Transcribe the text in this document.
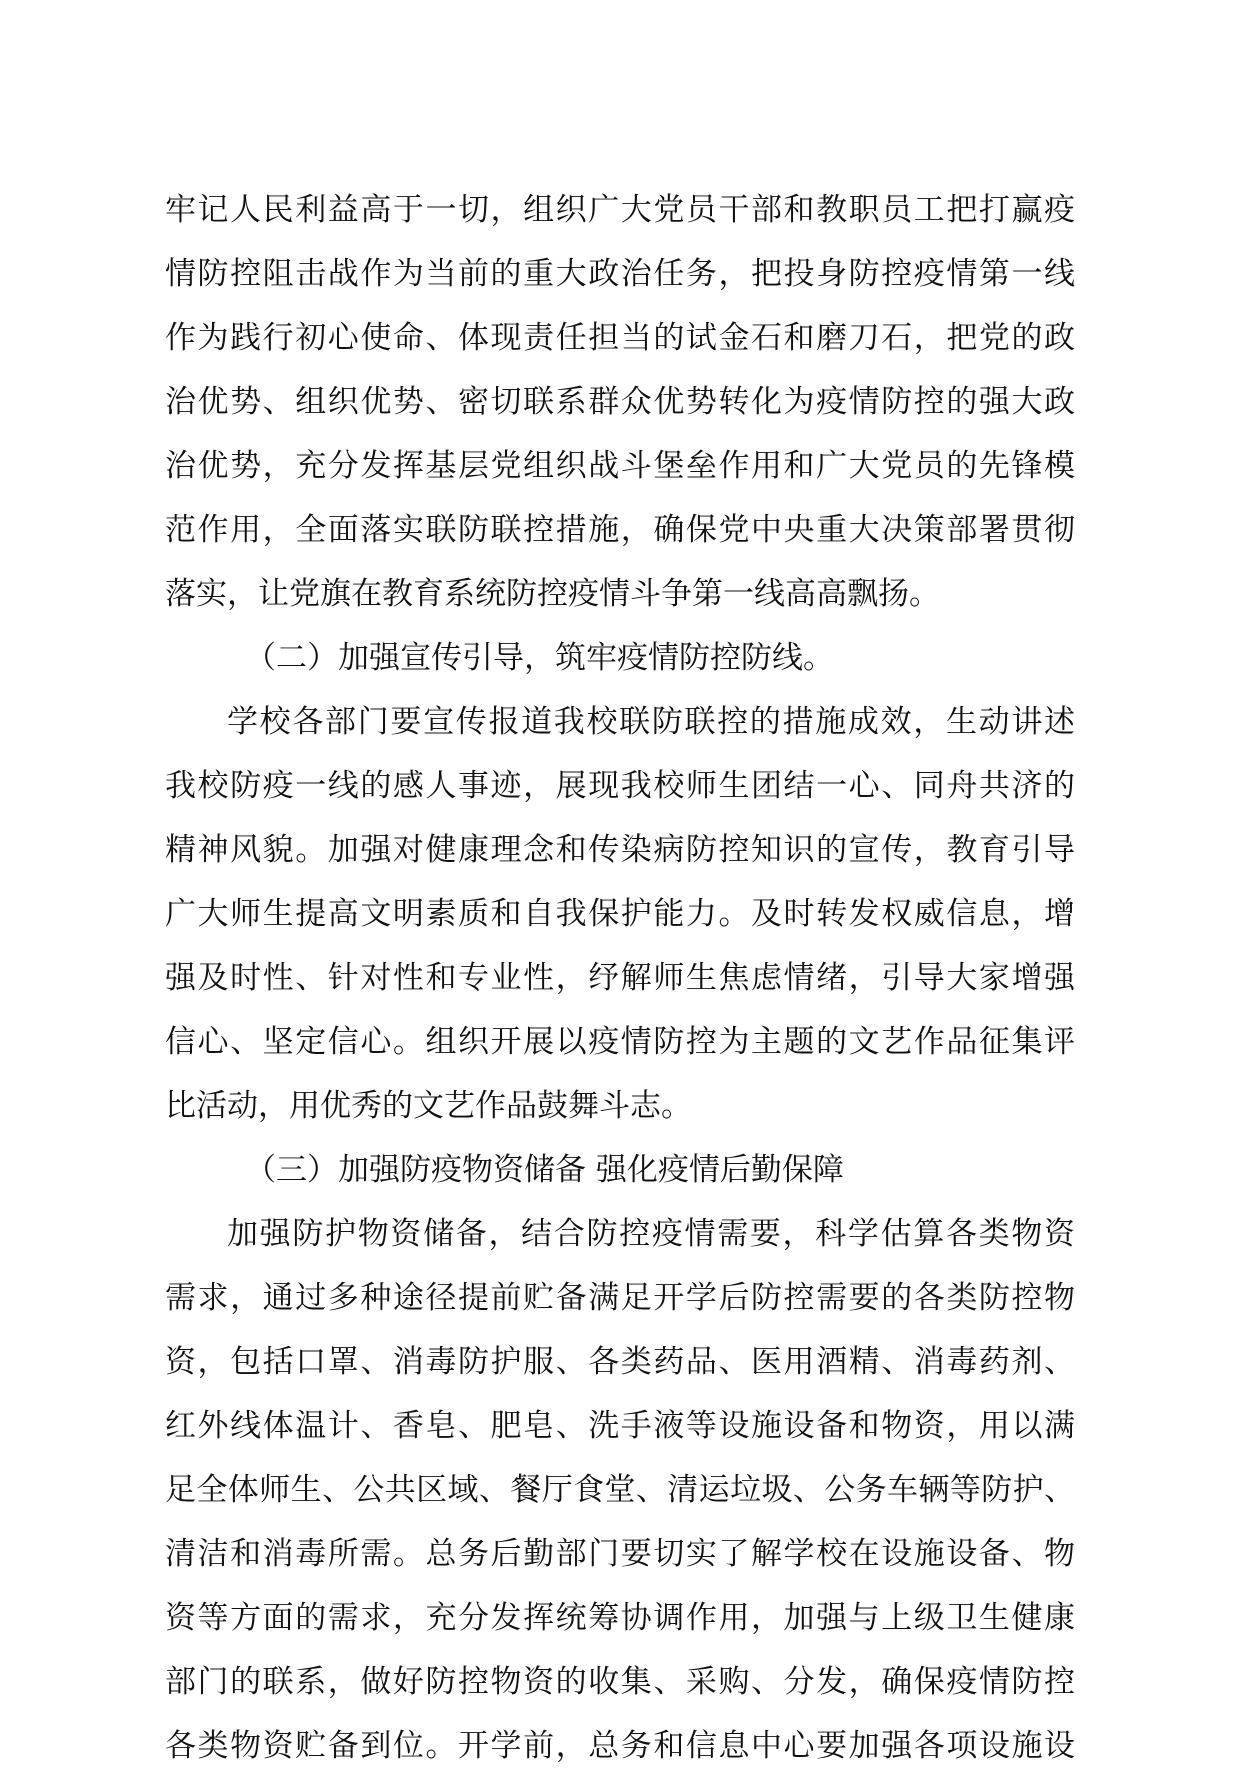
牢记人民利益高于一切，组织广大党员干部和教职员工把打赢疫
情防控阻击战作为当前的重大政治任务，把投身防控疫情第一线
作为践行初心使命、体现责任担当的试金石和磨刀石，把党的政
治优势、组织优势、密切联系群众优势转化为疫情防控的强大政
治优势，充分发挥基层党组织战斗堡垒作用和广大党员的先锋模
范作用，全面落实联防联控措施，确保党中央重大决策部署贯彻
落实，让党旗在教育系统防控疫情斗争第一线高高飘扬。
（二）加强宣传引导，筑牢疫情防控防线。
学校各部门要宣传报道我校联防联控的措施成效，生动讲述
我校防疫一线的感人事迹，展现我校师生团结一心、同舟共济的
精神风貌。加强对健康理念和传染病防控知识的宣传，教育引导
广大师生提高文明素质和自我保护能力。及时转发权威信息，增
强及时性、针对性和专业性，纾解师生焦虑情绪，引导大家增强
信心、坚定信心。组织开展以疫情防控为主题的文艺作品征集评
比活动，用优秀的文艺作品鼓舞斗志。
（三）加强防疫物资储备 强化疫情后勤保障
加强防护物资储备，结合防控疫情需要，科学估算各类物资
需求，通过多种途径提前贮备满足开学后防控需要的各类防控物
资，包括口罩、消毒防护服、各类药品、医用酒精、消毒药剂、
红外线体温计、香皂、肥皂、洗手液等设施设备和物资，用以满
足全体师生、公共区域、餐厅食堂、清运垃圾、公务车辆等防护、
清洁和消毒所需。总务后勤部门要切实了解学校在设施设备、物
资等方面的需求，充分发挥统筹协调作用，加强与上级卫生健康
部门的联系，做好防控物资的收集、采购、分发，确保疫情防控
各类物资贮备到位。开学前，总务和信息中心要加强各项设施设
